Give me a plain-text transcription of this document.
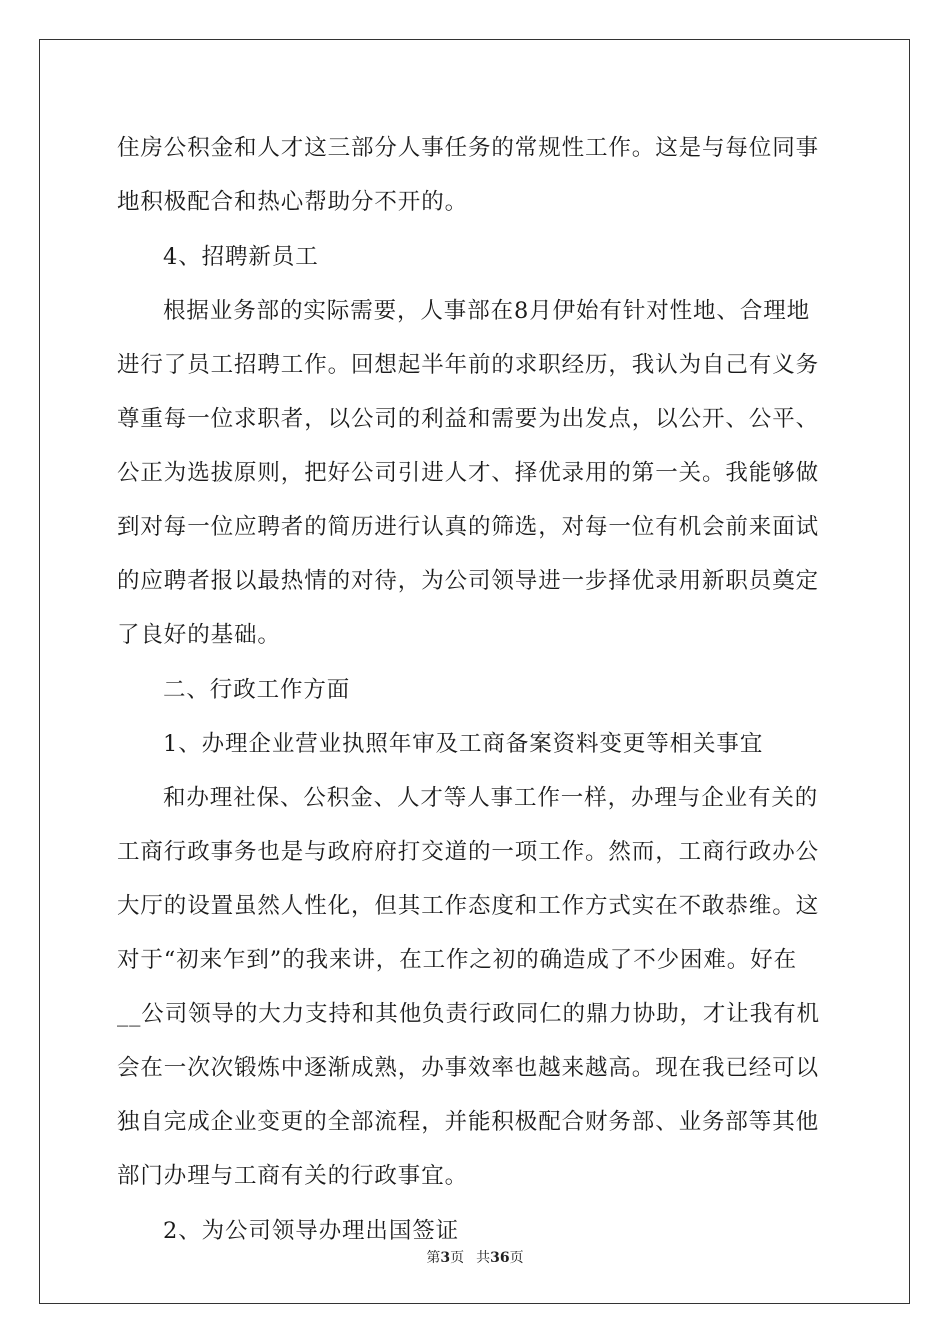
住房公积金和人才这三部分人事任务的常规性工作。这是与每位同事
地积极配合和热心帮助分不开的。
4、招聘新员工
根据业务部的实际需要，人事部在8月伊始有针对性地、合理地
进行了员工招聘工作。回想起半年前的求职经历，我认为自己有义务
尊重每一位求职者，以公司的利益和需要为出发点，以公开、公平、
公正为选拔原则，把好公司引进人才、择优录用的第一关。我能够做
到对每一位应聘者的简历进行认真的筛选，对每一位有机会前来面试
的应聘者报以最热情的对待，为公司领导进一步择优录用新职员奠定
了良好的基础。
二、行政工作方面
1、办理企业营业执照年审及工商备案资料变更等相关事宜
和办理社保、公积金、人才等人事工作一样，办理与企业有关的
工商行政事务也是与政府府打交道的一项工作。然而，工商行政办公
大厅的设置虽然人性化，但其工作态度和工作方式实在不敢恭维。这
对于“初来乍到”的我来讲，在工作之初的确造成了不少困难。好在
__公司领导的大力支持和其他负责行政同仁的鼎力协助，才让我有机
会在一次次锻炼中逐渐成熟，办事效率也越来越高。现在我已经可以
独自完成企业变更的全部流程，并能积极配合财务部、业务部等其他
部门办理与工商有关的行政事宜。
2、为公司领导办理出国签证
第3页 共36页
